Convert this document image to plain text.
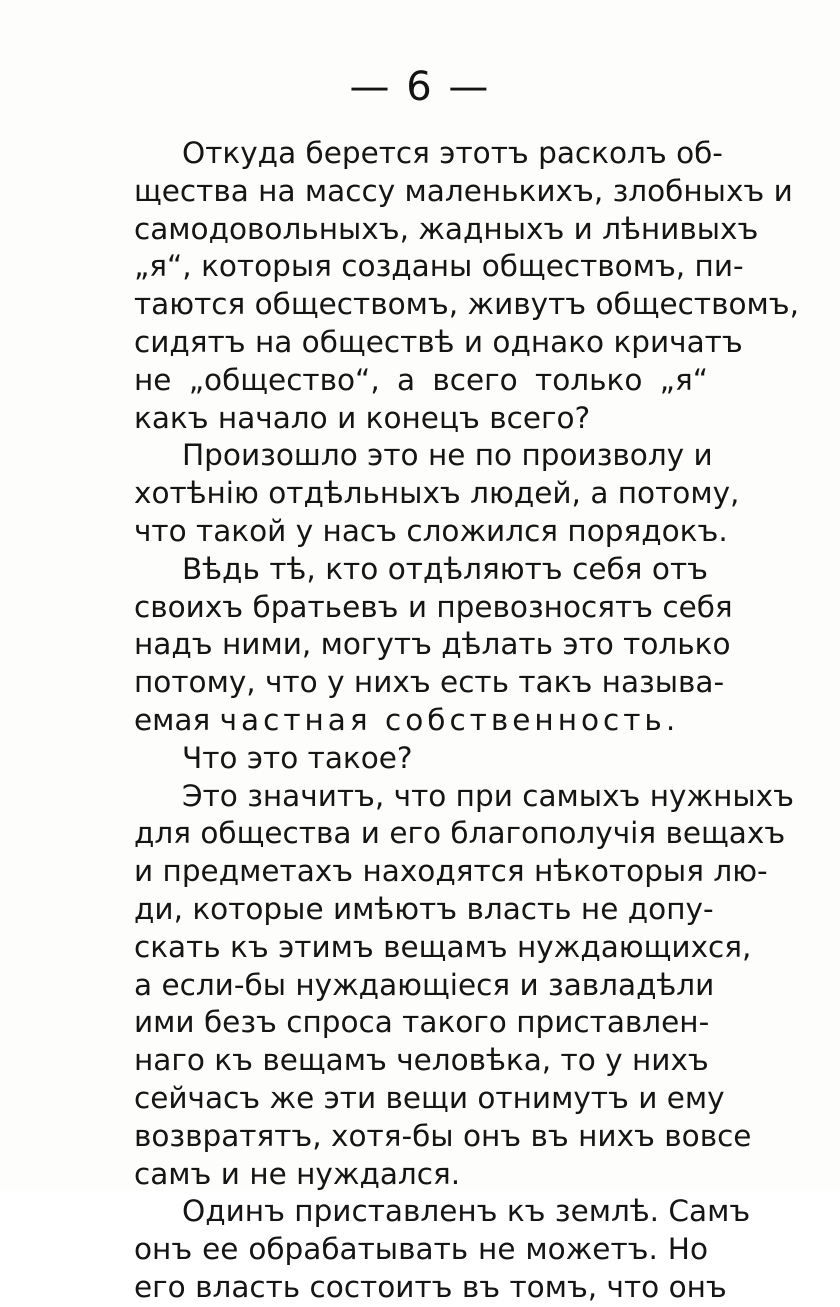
— 6 —
Откуда берется этотъ расколъ об-
щества на массу маленькихъ, злобныхъ и
самодовольныхъ, жадныхъ и лѣнивыхъ
„я“, которыя созданы обществомъ, пи-
таются обществомъ, живутъ обществомъ,
сидятъ на обществѣ и однако кричатъ
не „общество“, а всего только „я“
какъ начало и конецъ всего?
Произошло это не по произволу и
хотѣнію отдѣльныхъ людей, а потому,
что такой у насъ сложился порядокъ.
Вѣдь тѣ, кто отдѣляютъ себя отъ
своихъ братьевъ и превозносятъ себя
надъ ними, могутъ дѣлать это только
потому, что у нихъ есть такъ называ-
емая частная собственность.
Что это такое?
Это значитъ, что при самыхъ нужныхъ
для общества и его благополучія вещахъ
и предметахъ находятся нѣкоторыя лю-
ди, которые имѣютъ власть не допу-
скать къ этимъ вещамъ нуждающихся,
а если-бы нуждающіеся и завладѣли
ими безъ спроса такого приставлен-
наго къ вещамъ человѣка, то у нихъ
сейчасъ же эти вещи отнимутъ и ему
возвратятъ, хотя-бы онъ въ нихъ вовсе
самъ и не нуждался.
Одинъ приставленъ къ землѣ. Самъ
онъ ее обрабатывать не можетъ. Но
его власть состоитъ въ томъ, что онъ
